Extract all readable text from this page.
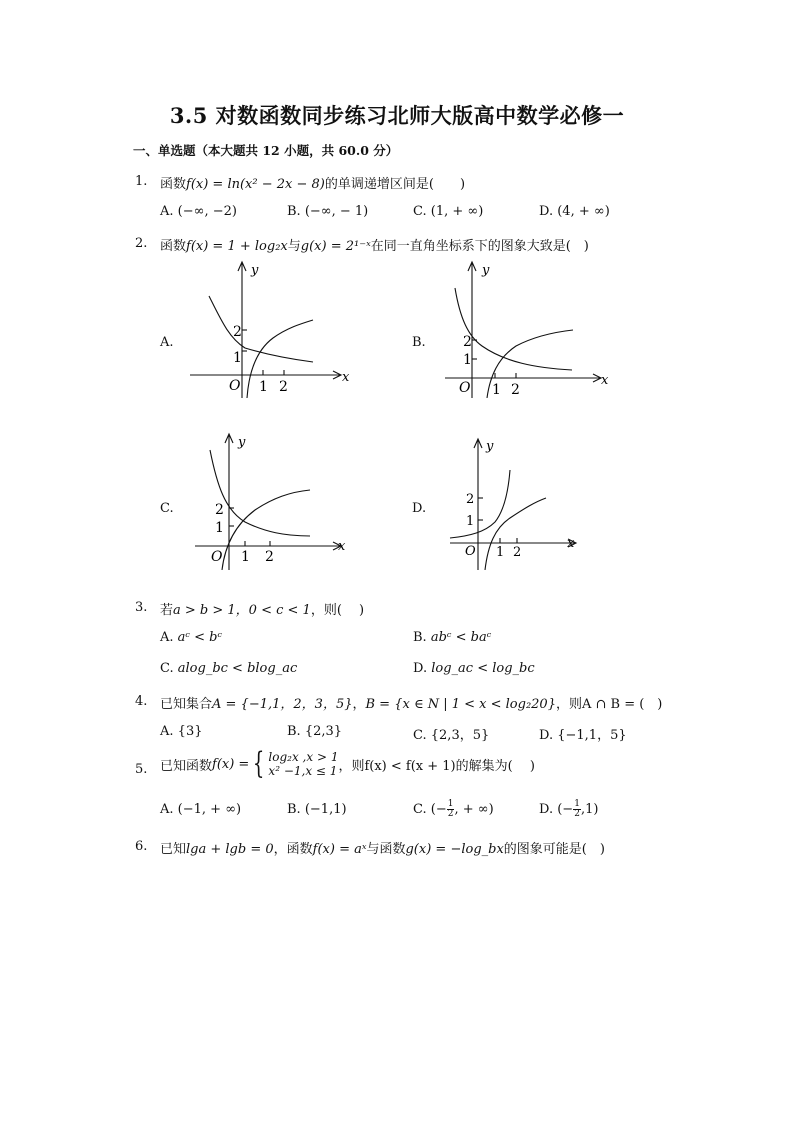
3.5 对数函数同步练习北师大版高中数学必修一
一、单选题（本大题共 12 小题，共 60.0 分）
1. 函数f(x) = ln(x² − 2x − 8)的单调递增区间是(　　)
A. (−∞, −2)	B. (−∞, − 1)	C. (1, + ∞)	D. (4, + ∞)
2. 函数f(x) = 1 + log₂x与g(x) = 2¹⁻ˣ在同一直角坐标系下的图象大致是(　)
A.	B.
C.	D.
y
x
O
2
1
1 2
y
x
O
2
1
1 2
y
x
O
2
1
1 2
y
x
O
2
1
1 2
3. 若a > b > 1，0 < c < 1，则(　 )
A. aᶜ < bᶜ	B. abᶜ < baᶜ
C. alog_bc < blog_ac	D. log_ac < log_bc
4. 已知集合A = {−1,1，2，3，5}，B = {x ∈ N | 1 < x < log₂20}，则A ∩ B = (　)
A. {3}	B. {2,3}	C. {2,3，5}	D. {−1,1，5}
5. 已知函数 f(x) = { log₂x ,x > 1
x² −1,x ≤ 1 ，则f(x) < f(x + 1)的解集为(　 )
A. (−1, + ∞)	B. (−1,1)	C.
(− $\frac{1}{2}$ , + ∞)	D.
(− $\frac{1}{2} ,1$)
6. 已知lga + lgb = 0，函数f(x) = aˣ与函数g(x) = −log_bx的图象可能是(　)
